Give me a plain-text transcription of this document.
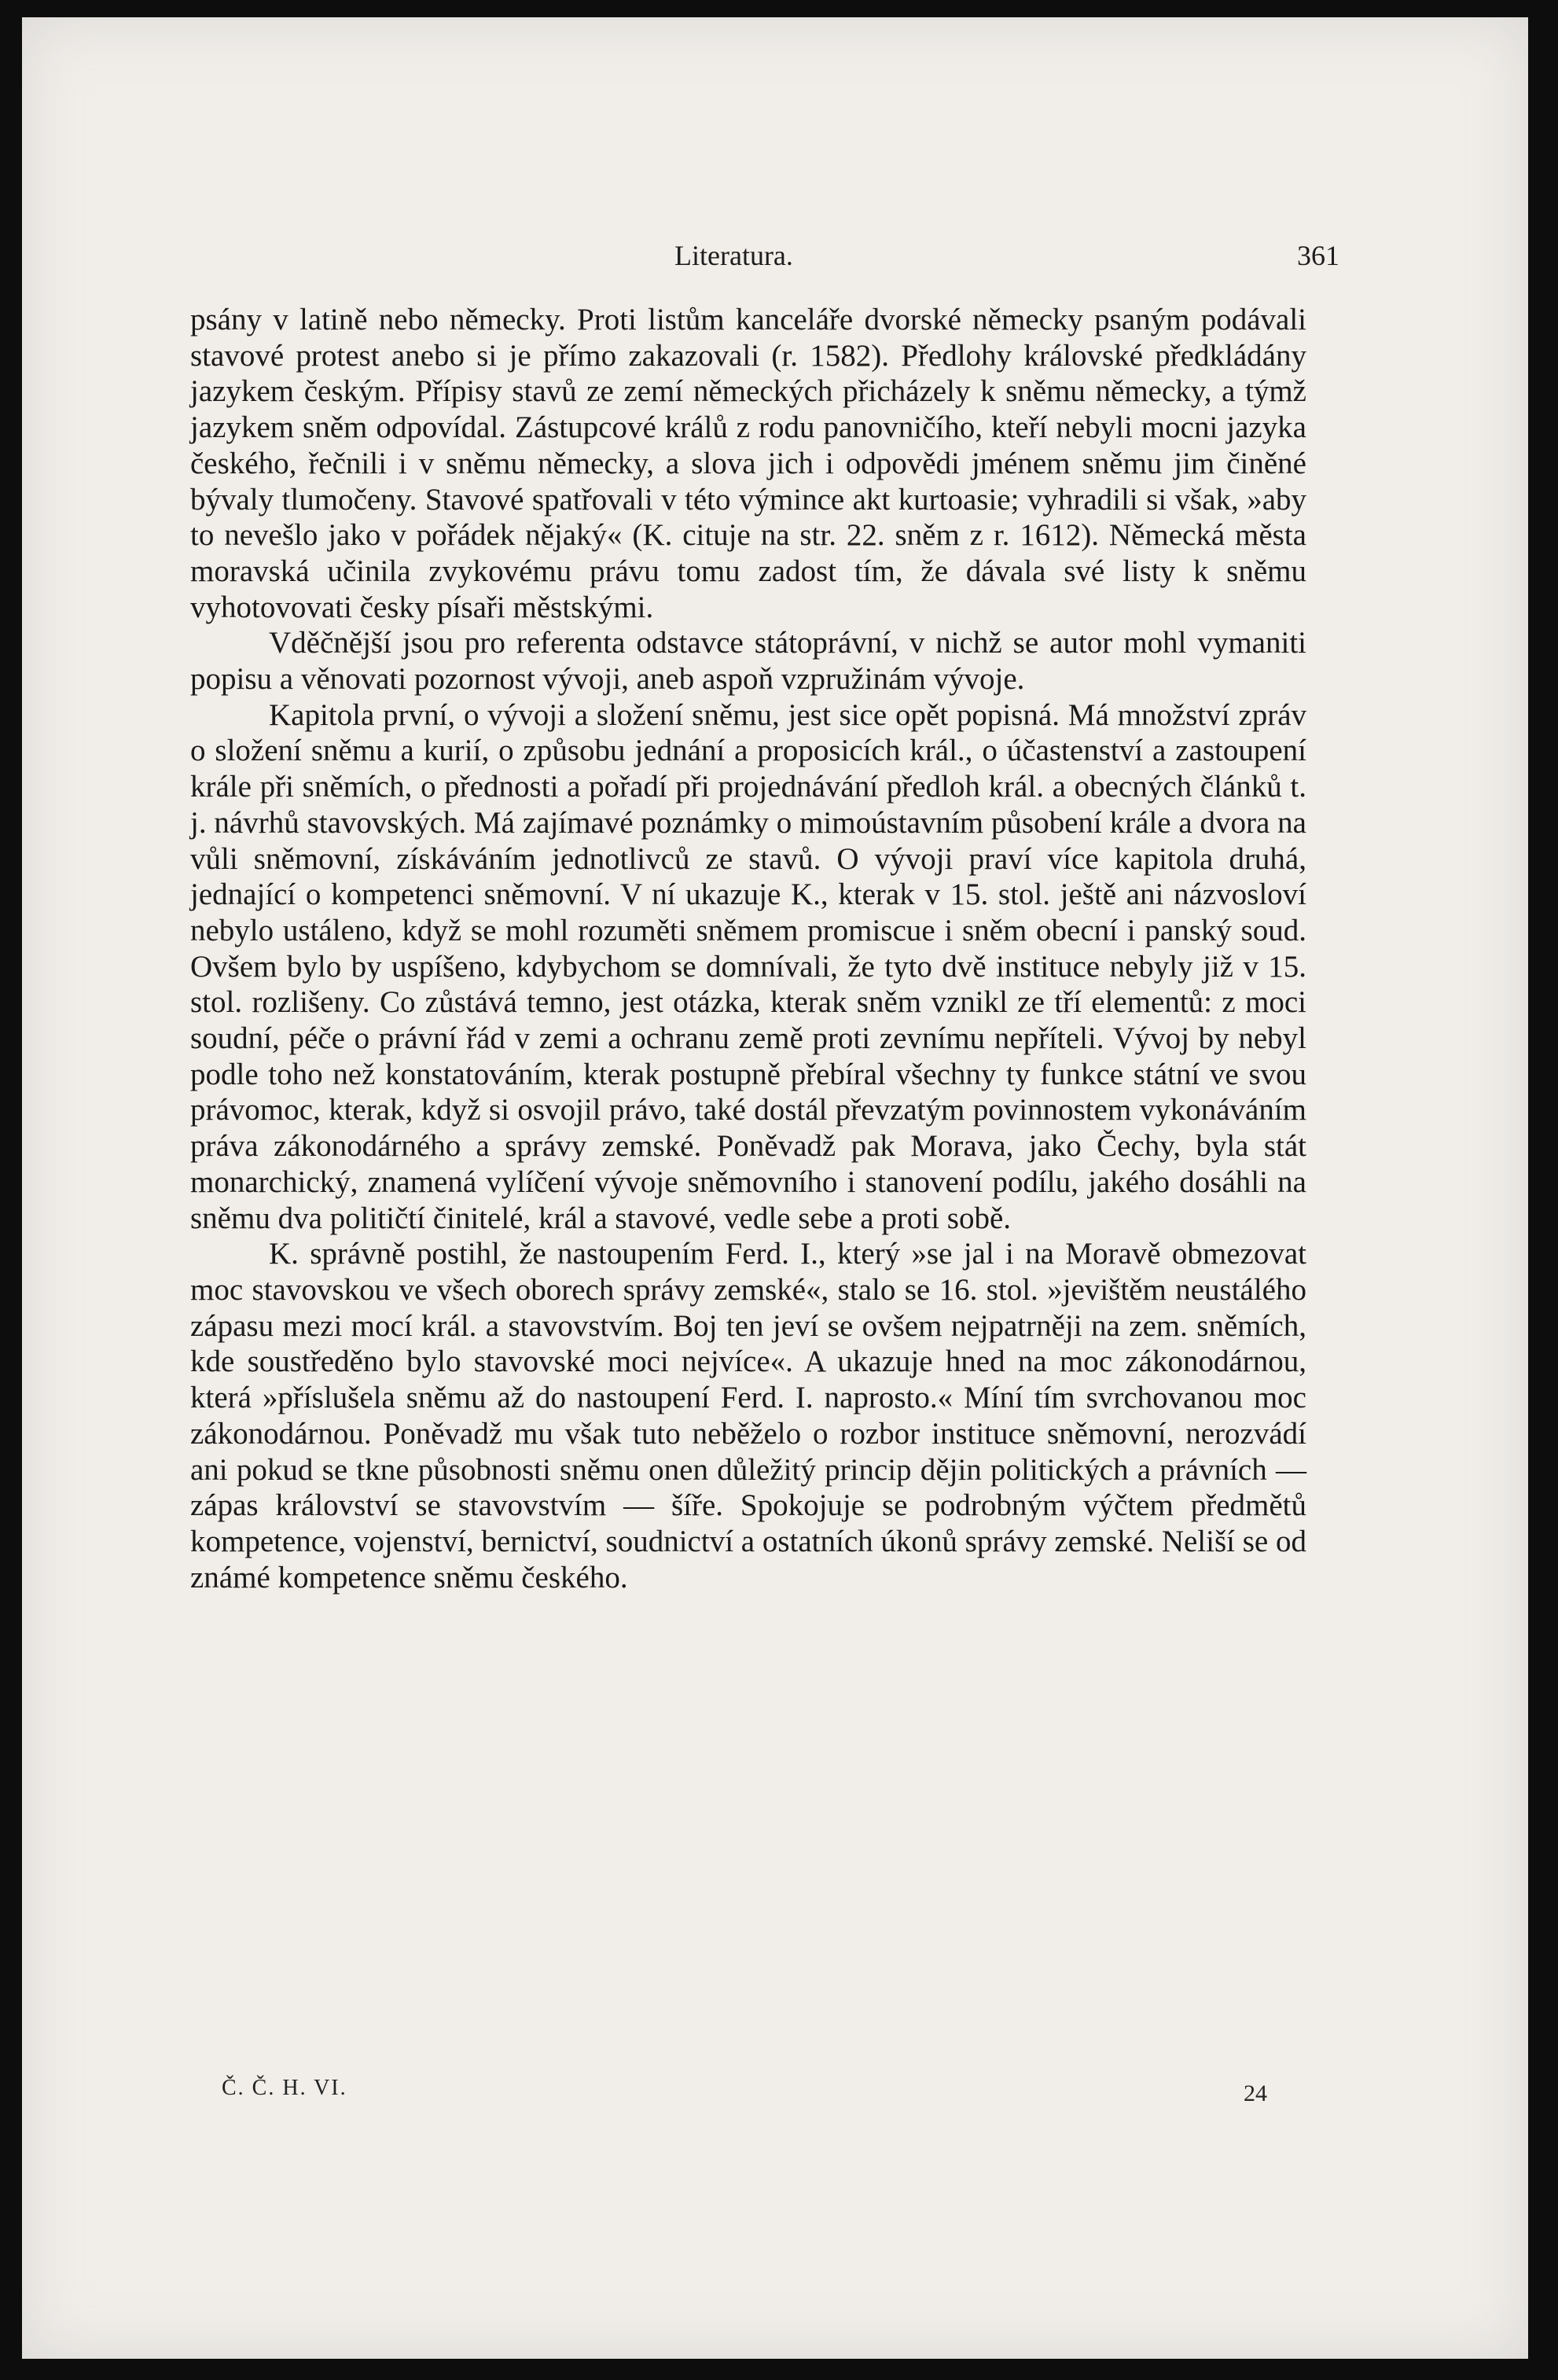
Literatura.	361

psány v latině nebo německy. Proti listům kanceláře dvorské německy psaným podávali stavové protest anebo si je přímo zakazovali (r. 1582). Předlohy královské předkládány jazykem českým. Přípisy stavů ze zemí německých přicházely k sněmu německy, a týmž jazykem sněm odpovídal. Zástupcové králů z rodu panovničího, kteří nebyli mocni jazyka českého, řečnili i v sněmu německy, a slova jich i odpovědi jménem sněmu jim činěné bývaly tlumočeny. Stavové spatřovali v této výmince akt kurtoasie; vyhradili si však, »aby to nevešlo jako v pořádek nějaký« (K. cituje na str. 22. sněm z r. 1612). Německá města moravská učinila zvykovému právu tomu zadost tím, že dávala své listy k sněmu vyhotovovati česky písaři městskými.

Vděčnější jsou pro referenta odstavce státoprávní, v nichž se autor mohl vymaniti popisu a věnovati pozornost vývoji, aneb aspoň vzpružinám vývoje.

Kapitola první, o vývoji a složení sněmu, jest sice opět popisná. Má množství zpráv o složení sněmu a kurií, o způsobu jednání a proposicích král., o účastenství a zastoupení krále při sněmích, o přednosti a pořadí při projednávání předloh král. a obecných článků t. j. návrhů stavovských. Má zajímavé poznámky o mimoústavním působení krále a dvora na vůli sněmovní, získáváním jednotlivců ze stavů. O vývoji praví více kapitola druhá, jednající o kompetenci sněmovní. V ní ukazuje K., kterak v 15. stol. ještě ani názvosloví nebylo ustáleno, když se mohl rozuměti sněmem promiscue i sněm obecní i panský soud. Ovšem bylo by uspíšeno, kdybychom se domnívali, že tyto dvě instituce nebyly již v 15. stol. rozlišeny. Co zůstává temno, jest otázka, kterak sněm vznikl ze tří elementů: z moci soudní, péče o právní řád v zemi a ochranu země proti zevnímu nepříteli. Vývoj by nebyl podle toho než konstatováním, kterak postupně přebíral všechny ty funkce státní ve svou právomoc, kterak, když si osvojil právo, také dostál převzatým povinnostem vykonáváním práva zákonodárného a správy zemské. Poněvadž pak Morava, jako Čechy, byla stát monarchický, znamená vylíčení vývoje sněmovního i stanovení podílu, jakého dosáhli na sněmu dva političtí činitelé, král a stavové, vedle sebe a proti sobě.

K. správně postihl, že nastoupením Ferd. I., který »se jal i na Moravě obmezovat moc stavovskou ve všech oborech správy zemské«, stalo se 16. stol. »jevištěm neustálého zápasu mezi mocí král. a stavovstvím. Boj ten jeví se ovšem nejpatrněji na zem. sněmích, kde soustředěno bylo stavovské moci nejvíce«. A ukazuje hned na moc zákonodárnou, která »příslušela sněmu až do nastoupení Ferd. I. naprosto.« Míní tím svrchovanou moc zákonodárnou. Poněvadž mu však tuto neběželo o rozbor instituce sněmovní, nerozvádí ani pokud se tkne působnosti sněmu onen důležitý princip dějin politických a právních — zápas království se stavovstvím — šíře. Spokojuje se podrobným výčtem předmětů kompetence, vojenství, bernictví, soudnictví a ostatních úkonů správy zemské. Neliší se od známé kompetence sněmu českého.

Č. Č. H. VI.	24
